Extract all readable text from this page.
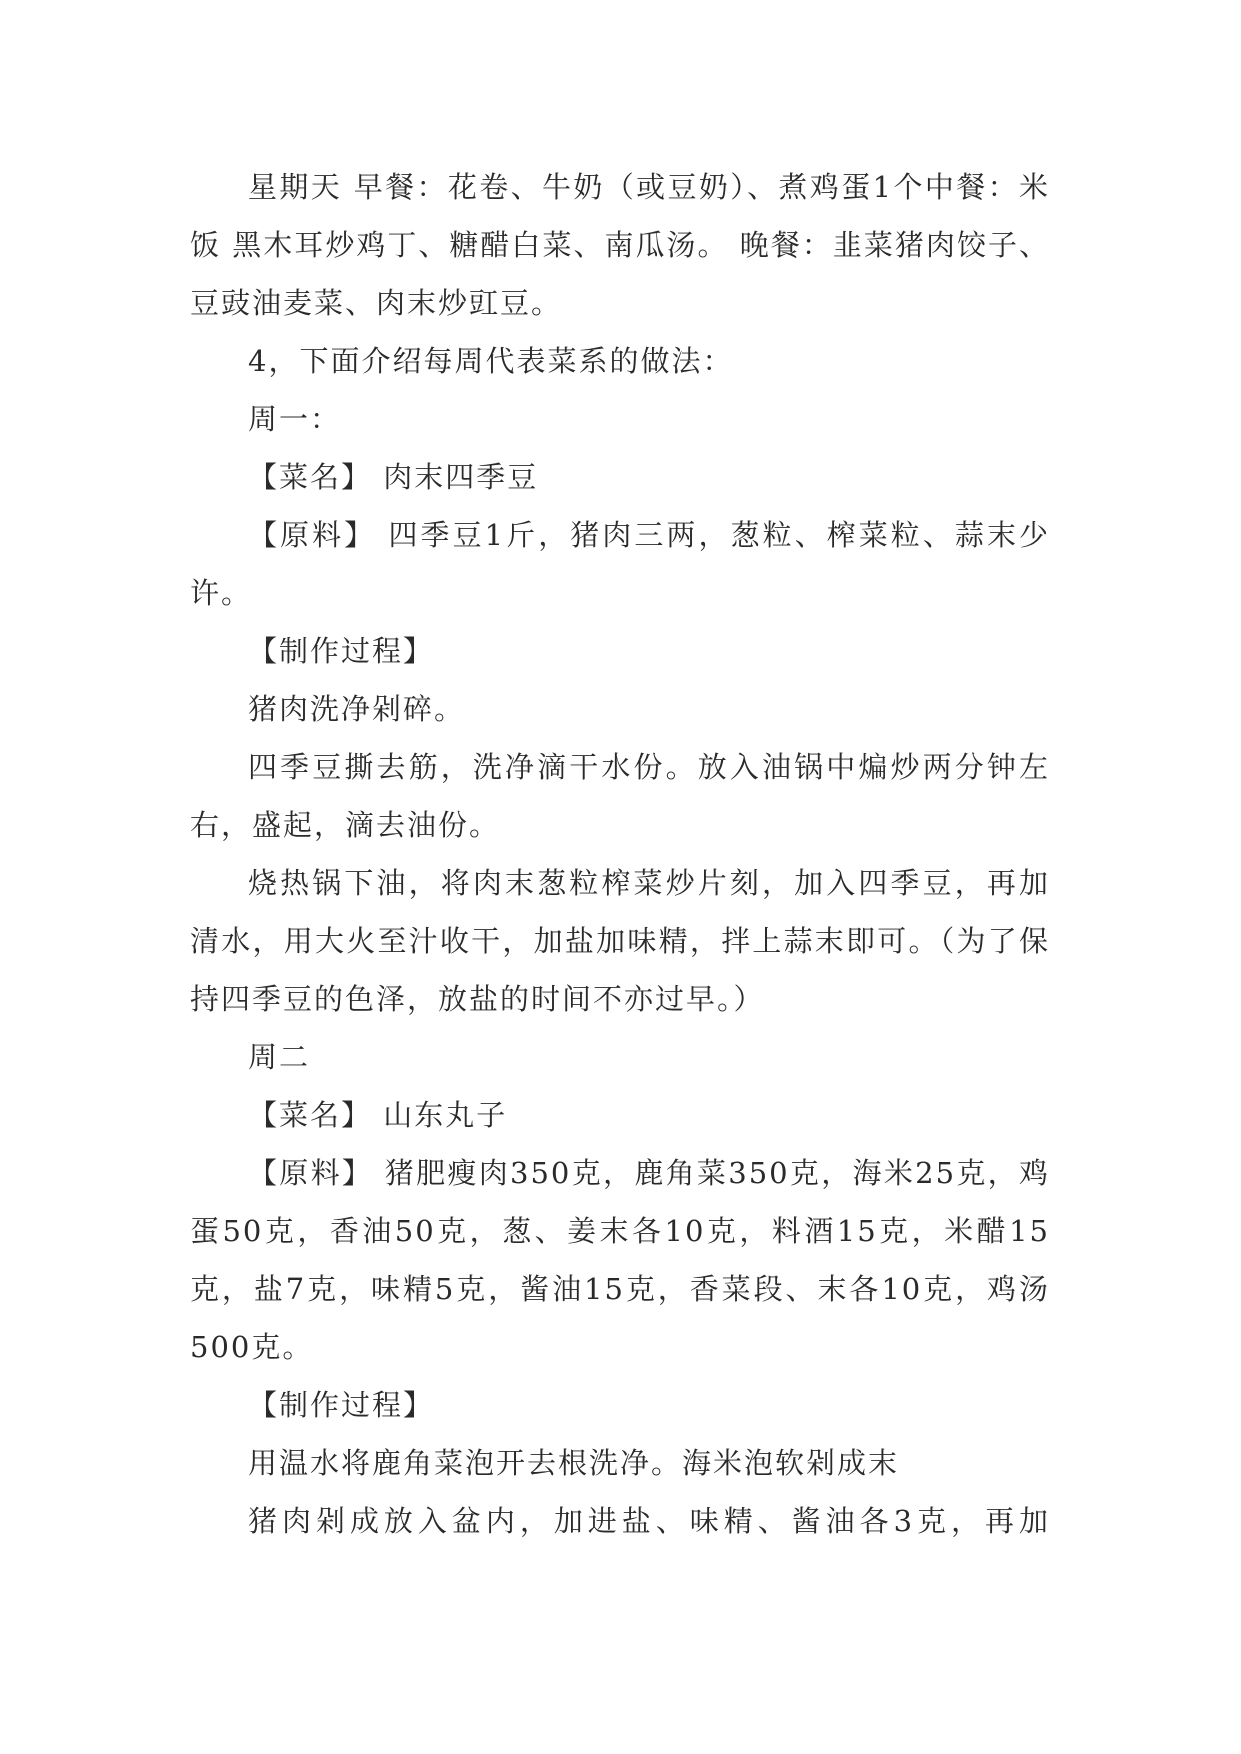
星期天 早餐：花卷、牛奶（或豆奶）、煮鸡蛋1个中餐：米饭 黑木耳炒鸡丁、糖醋白菜、南瓜汤。 晚餐：韭菜猪肉饺子、豆豉油麦菜、肉末炒豇豆。

4，下面介绍每周代表菜系的做法：

周一：

【菜名】 肉末四季豆

【原料】 四季豆1斤，猪肉三两，葱粒、榨菜粒、蒜末少许。

【制作过程】

猪肉洗净剁碎。

四季豆撕去筋，洗净滴干水份。放入油锅中煸炒两分钟左右，盛起，滴去油份。

烧热锅下油，将肉末葱粒榨菜炒片刻，加入四季豆，再加清水，用大火至汁收干，加盐加味精，拌上蒜末即可。（为了保持四季豆的色泽，放盐的时间不亦过早。）

周二

【菜名】 山东丸子

【原料】 猪肥瘦肉350克，鹿角菜350克，海米25克，鸡蛋50克，香油50克，葱、姜末各10克，料酒15克，米醋15克，盐7克，味精5克，酱油15克，香菜段、末各10克，鸡汤500克。

【制作过程】

用温水将鹿角菜泡开去根洗净。海米泡软剁成末

猪肉剁成放入盆内，加进盐、味精、酱油各3克，再加
